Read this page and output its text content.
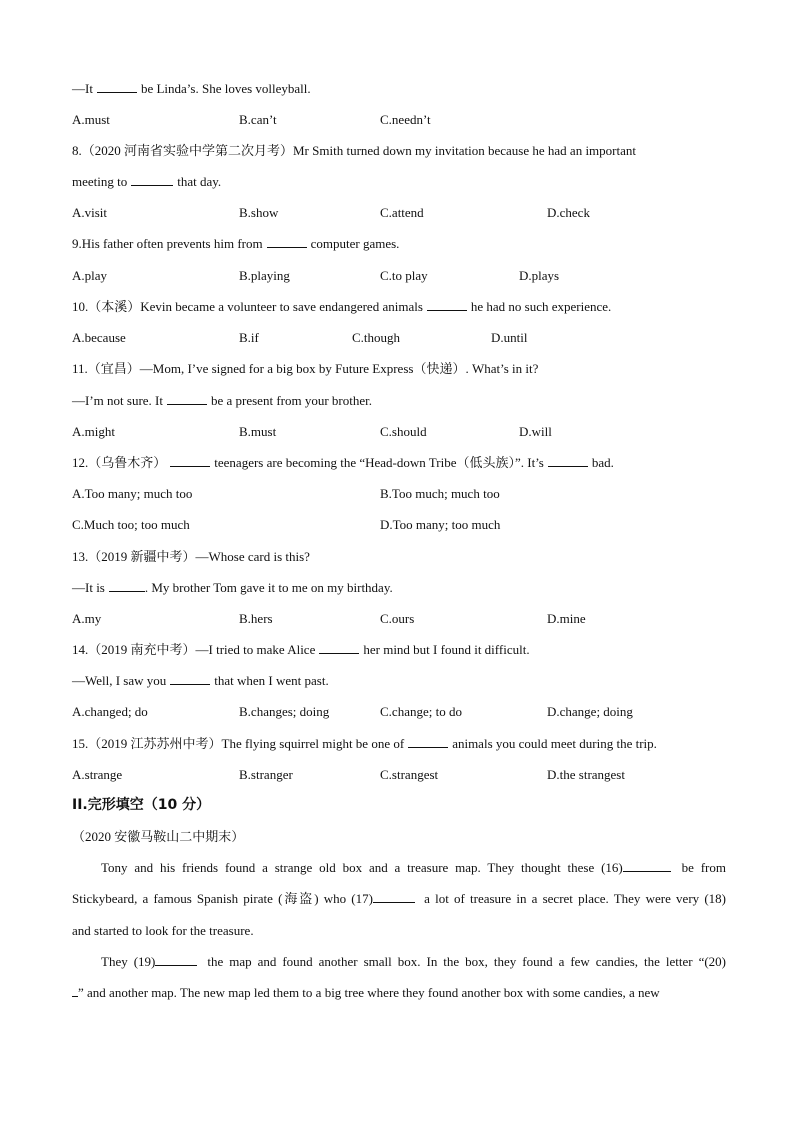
—It	be Linda’s. She loves volleyball.
A.must	B.can’t	C.needn’t
8.（2020 河南省实验中学第二次月考）Mr Smith turned down my invitation because he had an important
meeting to	that day.
A.visit	B.show	C.attend	D.check
9.His father often prevents him from	computer games.
A.play	B.playing	C.to play	D.plays
10.（本溪）Kevin became a volunteer to save endangered animals	he had no such experience.
A.because	B.if	C.though	D.until
11.（宜昌）—Mom, I’ve signed for a big box by Future Express（快递）. What’s in it?
—I’m not sure. It	be a present from your brother.
A.might	B.must	C.should	D.will
12.（乌鲁木齐）	teenagers are becoming the “Head-down Tribe（低头族）”. It’s	bad.
A.Too many; much too	B.Too much; much too
C.Much too; too much	D.Too many; too much
13.（2019 新疆中考）—Whose card is this?
—It is	. My brother Tom gave it to me on my birthday.
A.my	B.hers	C.ours	D.mine
14.（2019 南充中考）—I tried to make Alice	her mind but I found it difficult.
—Well, I saw you	that when I went past.
A.changed; do	B.changes; doing	C.change; to do	D.change; doing
15.（2019 江苏苏州中考）The flying squirrel might be one of	animals you could meet during the trip.
A.strange	B.stranger	C.strangest	D.the strangest
II.完形填空（10 分）
（2020 安徽马鞍山二中期末）
Tony and his friends found a strange old box and a treasure map. They thought these (16)	be from
Stickybeard, a famous Spanish pirate (海盗) who (17)	a lot of treasure in a secret place. They were very (18)
and started to look for the treasure.
They (19)	the map and found another small box. In the box, they found a few candies, the letter “(20)
” and another map. The new map led them to a big tree where they found another box with some candies, a new
